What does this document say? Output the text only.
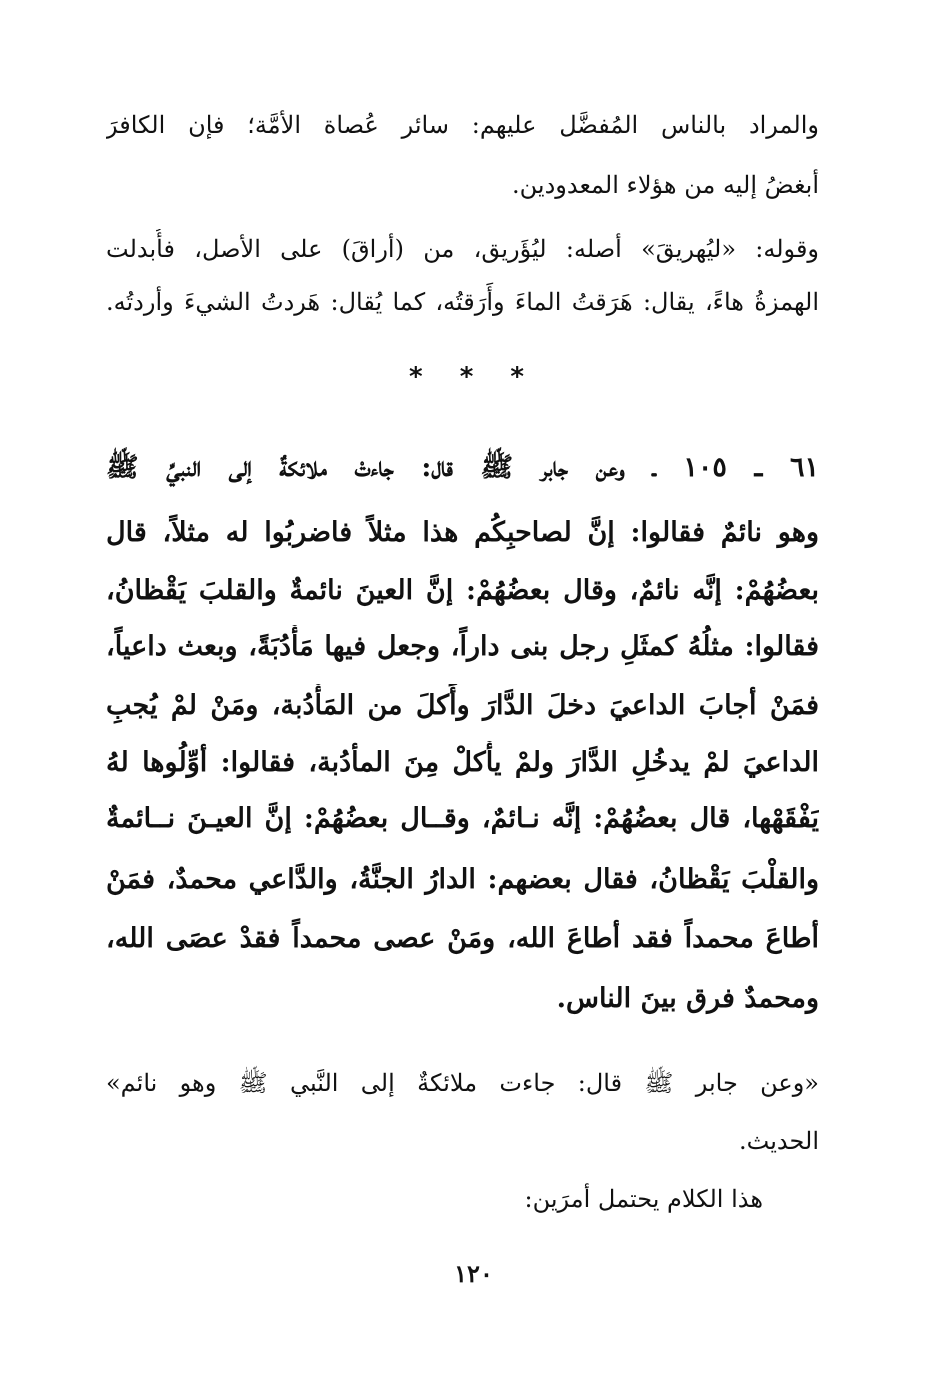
والمراد بالناس المُفضَّل عليهم: سائر عُصاة الأمَّة؛ فإن الكافرَ
أبغضُ إليه من هؤلاء المعدودين.
وقوله: «ليُهريقَ» أصله: ليُؤَريق، من (أراقَ) على الأصل، فأُبدلت
الهمزةُ هاءً، يقال: هَرَقتُ الماءَ وأَرَقتُه، كما يُقال: هَردتُ الشيءَ وأردتُه.
* * *
٦١ ـ ١٠٥ ـ وعن جابر ﷺ قال: جاءتْ ملائكةٌ إلى النبيِّ ﷺ
وهو نائمٌ فقالوا: إنَّ لصاحبِكُم هذا مثلاً فاضربُوا له مثلاً، قال
بعضُهُمْ: إنَّه نائمٌ، وقال بعضُهُمْ: إنَّ العينَ نائمةٌ والقلبَ يَقْظانُ،
فقالوا: مثلُهُ كمثَلِ رجل بنى داراً، وجعل فيها مَأْدُبَةً، وبعث داعياً،
فمَنْ أجابَ الداعيَ دخلَ الدَّارَ وأَكلَ من المَأْدُبة، ومَنْ لمْ يُجبِ
الداعيَ لمْ يدخُلِ الدَّارَ ولمْ يأْكلْ مِنَ المأدُبة، فقالوا: أوِّلُوها لهُ
يَفْقَهْها، قال بعضُهُمْ: إنَّه نـائمٌ، وقــال بعضُهُمْ: إنَّ العيـنَ نــائمةٌ
والقلْبَ يَقْظانُ، فقال بعضهم: الدارُ الجنَّةُ، والدَّاعي محمدٌ، فمَنْ
أطاعَ محمداً فقد أطاعَ الله، ومَنْ عصى محمداً فقدْ عصَى الله،
ومحمدٌ فرق بينَ الناس.
«وعن جابر ﷺ قال: جاءت ملائكةٌ إلى النَّبي ﷺ وهو نائم»
الحديث.
هذا الكلام يحتمل أمرَين:
١٢٠
